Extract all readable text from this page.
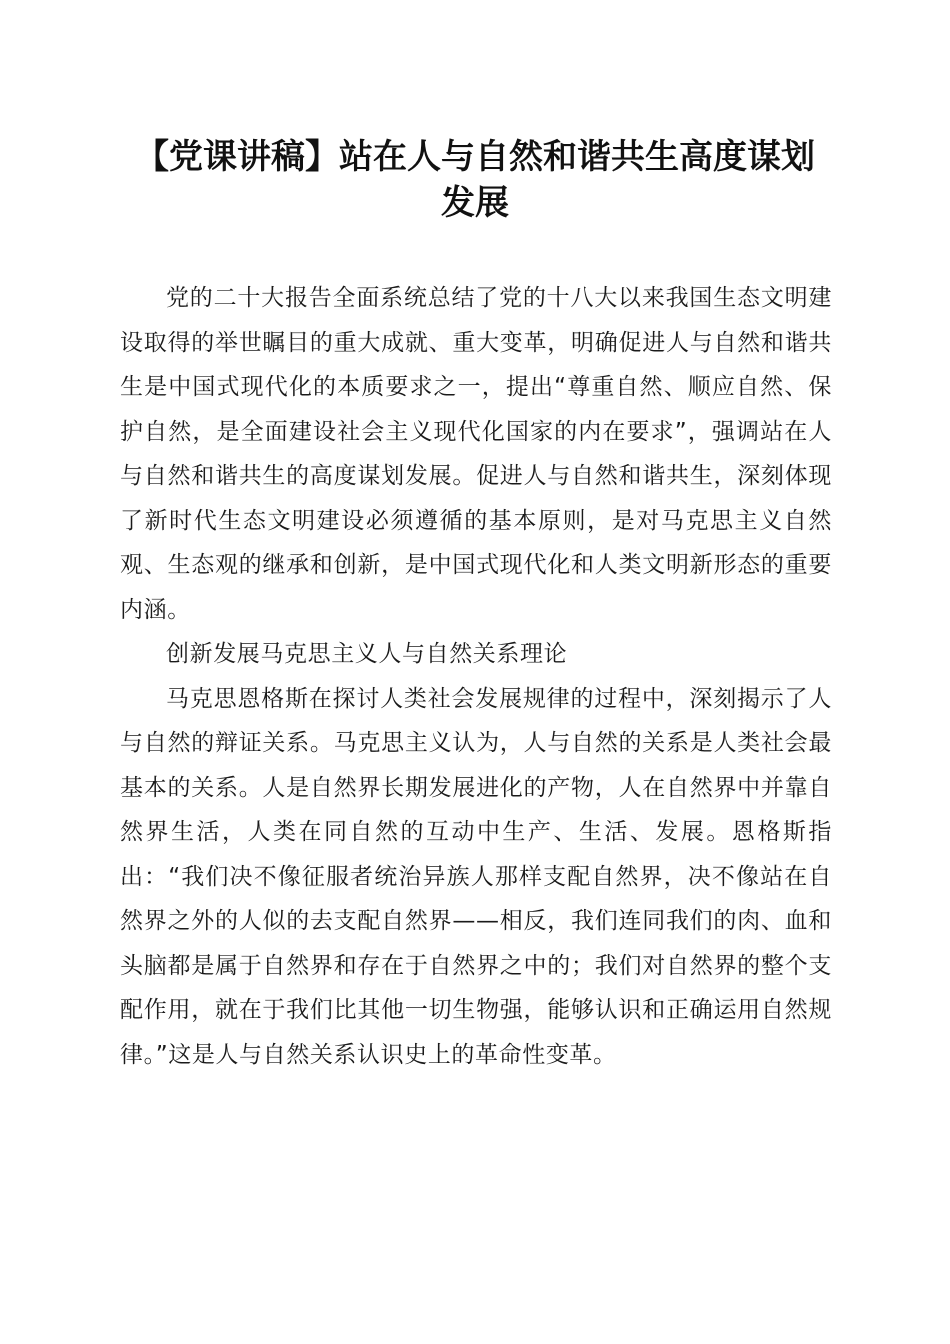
【党课讲稿】站在人与自然和谐共生高度谋划
发展

党的二十大报告全面系统总结了党的十八大以来我国生态文明建设取得的举世瞩目的重大成就、重大变革，明确促进人与自然和谐共生是中国式现代化的本质要求之一，提出“尊重自然、顺应自然、保护自然，是全面建设社会主义现代化国家的内在要求”，强调站在人与自然和谐共生的高度谋划发展。促进人与自然和谐共生，深刻体现了新时代生态文明建设必须遵循的基本原则，是对马克思主义自然观、生态观的继承和创新，是中国式现代化和人类文明新形态的重要内涵。

创新发展马克思主义人与自然关系理论

马克思恩格斯在探讨人类社会发展规律的过程中，深刻揭示了人与自然的辩证关系。马克思主义认为，人与自然的关系是人类社会最基本的关系。人是自然界长期发展进化的产物，人在自然界中并靠自然界生活，人类在同自然的互动中生产、生活、发展。恩格斯指出：“我们决不像征服者统治异族人那样支配自然界，决不像站在自然界之外的人似的去支配自然界——相反，我们连同我们的肉、血和头脑都是属于自然界和存在于自然界之中的；我们对自然界的整个支配作用，就在于我们比其他一切生物强，能够认识和正确运用自然规律。”这是人与自然关系认识史上的革命性变革。
